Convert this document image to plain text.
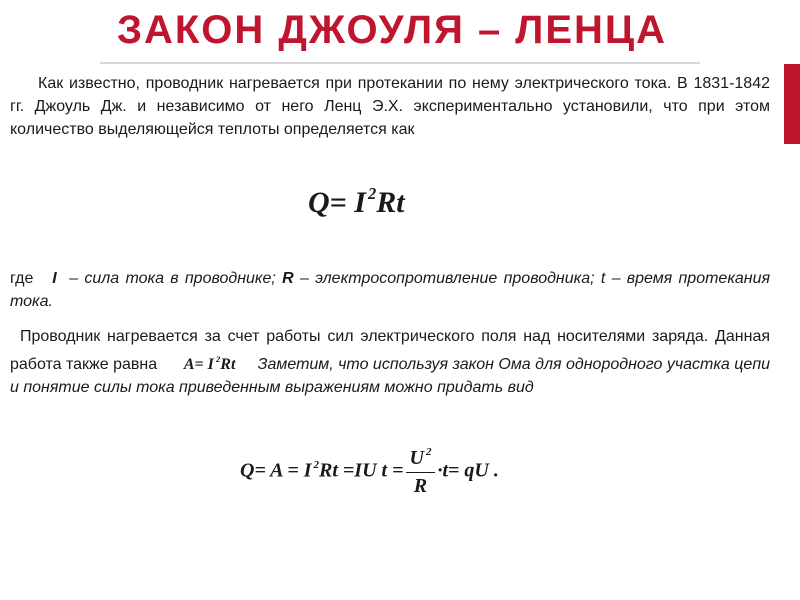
ЗАКОН ДЖОУЛЯ – ЛЕНЦА
Как известно, проводник нагревается при протекании по нему электрического тока. В 1831-1842 гг. Джоуль Дж. и независимо от него Ленц Э.Х. экспериментально установили, что при этом количество выделяющейся теплоты определяется как
Q= I $^2$Rt
где I – сила тока в проводнике; R – электросопротивление проводника; t – время протекания тока.
Проводник нагревается за счет работы сил электрического поля над носителями заряда. Данная работа также равна A= I $^2$Rt Заметим, что используя закон Ома для однородного участка цепи и понятие силы тока приведенным выражениям можно придать вид
Q= A = I $^2$Rt =IU $t = \frac{U ^2}{R} \cdot t=$ qU .
